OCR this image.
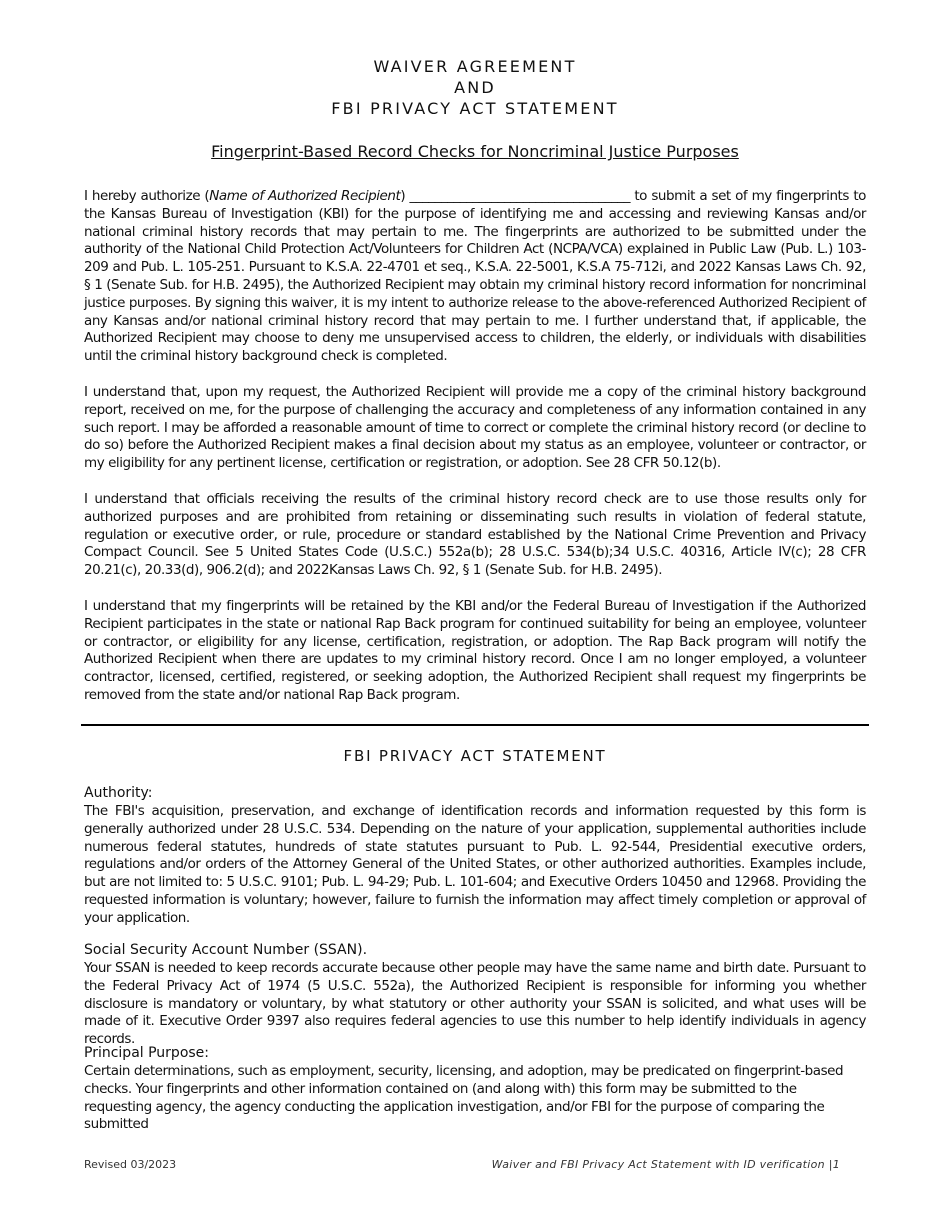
WAIVER AGREEMENT
AND
FBI PRIVACY ACT STATEMENT
Fingerprint-Based Record Checks for Noncriminal Justice Purposes

I hereby authorize (Name of Authorized Recipient) ___________________________________ to submit a set of my fingerprints to the Kansas Bureau of Investigation (KBI) for the purpose of identifying me and accessing and reviewing Kansas and/or national criminal history records that may pertain to me. The fingerprints are authorized to be submitted under the authority of the National Child Protection Act/Volunteers for Children Act (NCPA/VCA) explained in Public Law (Pub. L.) 103-209 and Pub. L. 105-251. Pursuant to K.S.A. 22-4701 et seq., K.S.A. 22-5001, K.S.A 75-712i, and 2022 Kansas Laws Ch. 92, § 1 (Senate Sub. for H.B. 2495), the Authorized Recipient may obtain my criminal history record information for noncriminal justice purposes. By signing this waiver, it is my intent to authorize release to the above-referenced Authorized Recipient of any Kansas and/or national criminal history record that may pertain to me. I further understand that, if applicable, the Authorized Recipient may choose to deny me unsupervised access to children, the elderly, or individuals with disabilities until the criminal history background check is completed.

I understand that, upon my request, the Authorized Recipient will provide me a copy of the criminal history background report, received on me, for the purpose of challenging the accuracy and completeness of any information contained in any such report. I may be afforded a reasonable amount of time to correct or complete the criminal history record (or decline to do so) before the Authorized Recipient makes a final decision about my status as an employee, volunteer or contractor, or my eligibility for any pertinent license, certification or registration, or adoption. See 28 CFR 50.12(b).

I understand that officials receiving the results of the criminal history record check are to use those results only for authorized purposes and are prohibited from retaining or disseminating such results in violation of federal statute, regulation or executive order, or rule, procedure or standard established by the National Crime Prevention and Privacy Compact Council. See 5 United States Code (U.S.C.) 552a(b); 28 U.S.C. 534(b);34 U.S.C. 40316, Article IV(c); 28 CFR 20.21(c), 20.33(d), 906.2(d); and 2022Kansas Laws Ch. 92, § 1 (Senate Sub. for H.B. 2495).

I understand that my fingerprints will be retained by the KBI and/or the Federal Bureau of Investigation if the Authorized Recipient participates in the state or national Rap Back program for continued suitability for being an employee, volunteer or contractor, or eligibility for any license, certification, registration, or adoption. The Rap Back program will notify the Authorized Recipient when there are updates to my criminal history record. Once I am no longer employed, a volunteer contractor, licensed, certified, registered, or seeking adoption, the Authorized Recipient shall request my fingerprints be removed from the state and/or national Rap Back program.

FBI PRIVACY ACT STATEMENT
Authority:

The FBI's acquisition, preservation, and exchange of identification records and information requested by this form is generally authorized under 28 U.S.C. 534. Depending on the nature of your application, supplemental authorities include numerous federal statutes, hundreds of state statutes pursuant to Pub. L. 92-544, Presidential executive orders, regulations and/or orders of the Attorney General of the United States, or other authorized authorities. Examples include, but are not limited to: 5 U.S.C. 9101; Pub. L. 94-29; Pub. L. 101-604; and Executive Orders 10450 and 12968. Providing the requested information is voluntary; however, failure to furnish the information may affect timely completion or approval of your application.

Social Security Account Number (SSAN).

Your SSAN is needed to keep records accurate because other people may have the same name and birth date. Pursuant to the Federal Privacy Act of 1974 (5 U.S.C. 552a), the Authorized Recipient is responsible for informing you whether disclosure is mandatory or voluntary, by what statutory or other authority your SSAN is solicited, and what uses will be made of it. Executive Order 9397 also requires federal agencies to use this number to help identify individuals in agency records.

Principal Purpose:

Certain determinations, such as employment, security, licensing, and adoption, may be predicated on fingerprint-based checks. Your fingerprints and other information contained on (and along with) this form may be submitted to the requesting agency, the agency conducting the application investigation, and/or FBI for the purpose of comparing the submitted

Revised 03/2023	Waiver and FBI Privacy Act Statement with ID verification |1
